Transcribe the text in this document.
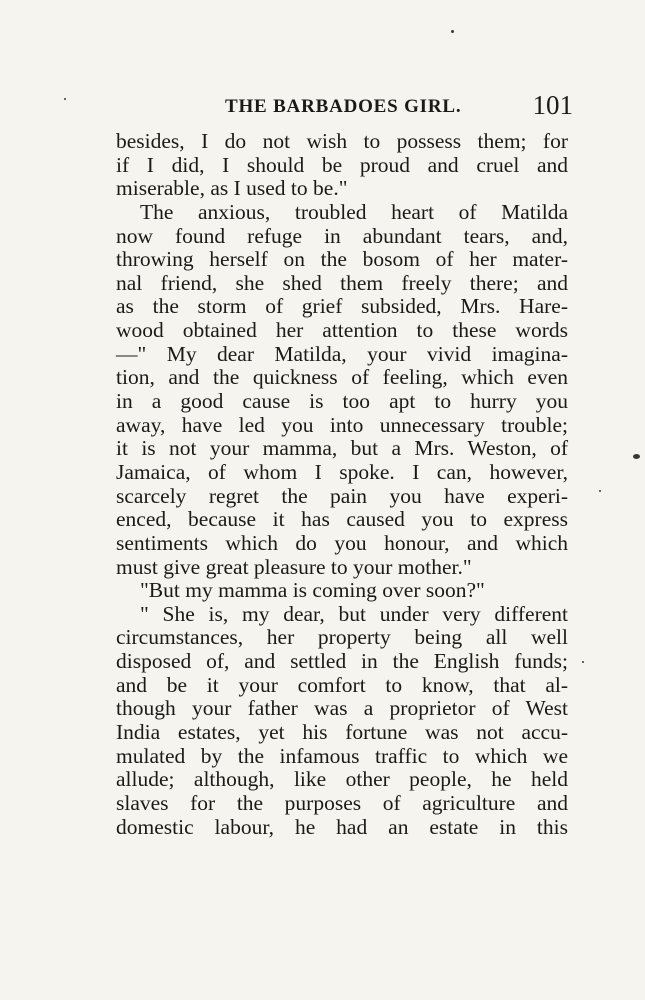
THE BARBADOES GIRL.	101
besides, I do not wish to possess them; for
if I did, I should be proud and cruel and
miserable, as I used to be."
The anxious, troubled heart of Matilda
now found refuge in abundant tears, and,
throwing herself on the bosom of her mater-
nal friend, she shed them freely there; and
as the storm of grief subsided, Mrs. Hare-
wood obtained her attention to these words
—" My dear Matilda, your vivid imagina-
tion, and the quickness of feeling, which even
in a good cause is too apt to hurry you
away, have led you into unnecessary trouble;
it is not your mamma, but a Mrs. Weston, of
Jamaica, of whom I spoke. I can, however,
scarcely regret the pain you have experi-
enced, because it has caused you to express
sentiments which do you honour, and which
must give great pleasure to your mother."
"But my mamma is coming over soon?"
" She is, my dear, but under very different
circumstances, her property being all well
disposed of, and settled in the English funds;
and be it your comfort to know, that al-
though your father was a proprietor of West
India estates, yet his fortune was not accu-
mulated by the infamous traffic to which we
allude; although, like other people, he held
slaves for the purposes of agriculture and
domestic labour, he had an estate in this
